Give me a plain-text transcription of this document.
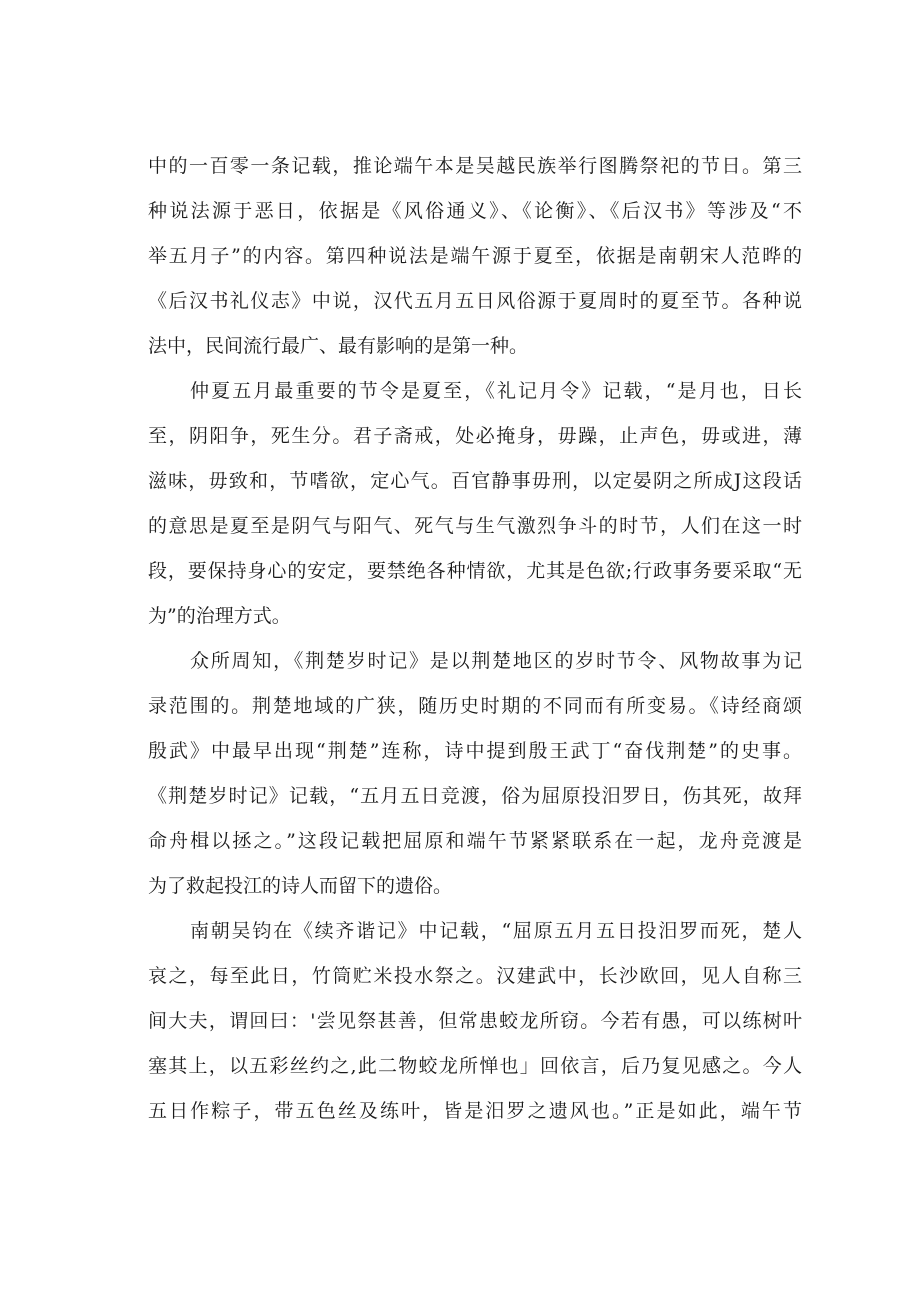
中的一百零一条记载，推论端午本是吴越民族举行图腾祭祀的节日。第三
种说法源于恶日，依据是《风俗通义》、《论衡》、《后汉书》等涉及“不
举五月子”的内容。第四种说法是端午源于夏至，依据是南朝宋人范晔的
《后汉书礼仪志》中说，汉代五月五日风俗源于夏周时的夏至节。各种说
法中，民间流行最广、最有影响的是第一种。
仲夏五月最重要的节令是夏至，《礼记月令》记载，“是月也，日长
至，阴阳争，死生分。君子斋戒，处必掩身，毋躁，止声色，毋或进，薄
滋味，毋致和，节嗜欲，定心气。百官静事毋刑，以定晏阴之所成J这段话
的意思是夏至是阴气与阳气、死气与生气激烈争斗的时节，人们在这一时
段，要保持身心的安定，要禁绝各种情欲，尤其是色欲;行政事务要采取“无
为”的治理方式。
众所周知，《荆楚岁时记》是以荆楚地区的岁时节令、风物故事为记
录范围的。荆楚地域的广狭，随历史时期的不同而有所变易。《诗经商颂
殷武》中最早出现“荆楚”连称，诗中提到殷王武丁“奋伐荆楚”的史事。
《荆楚岁时记》记载，“五月五日竞渡，俗为屈原投汨罗日，伤其死，故拜
命舟楫以拯之。”这段记载把屈原和端午节紧紧联系在一起，龙舟竞渡是
为了救起投江的诗人而留下的遗俗。
南朝吴钧在《续齐谐记》中记载，“屈原五月五日投汨罗而死，楚人
哀之，每至此日，竹筒贮米投水祭之。汉建武中，长沙欧回，见人自称三
间大夫，谓回曰：'尝见祭甚善，但常患蛟龙所窃。今若有愚，可以练树叶
塞其上，以五彩丝约之,此二物蛟龙所惮也」回依言，后乃复见感之。今人
五日作粽子，带五色丝及练叶，皆是汨罗之遗风也。”正是如此，端午节
